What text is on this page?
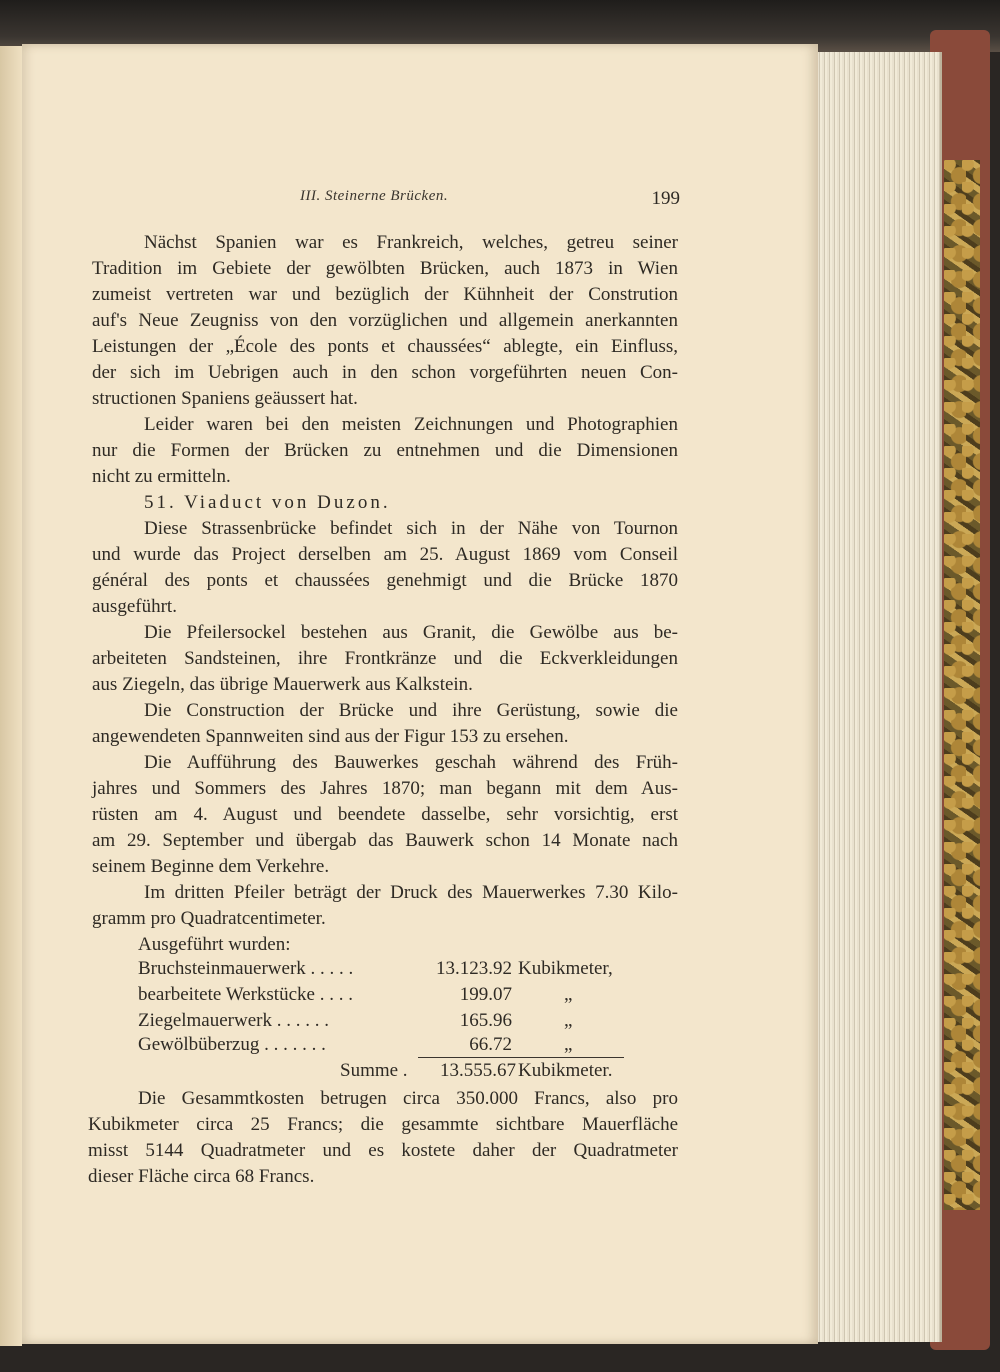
III. Steinerne Brücken.	199
Nächst Spanien war es Frankreich, welches, getreu seiner
Tradition im Gebiete der gewölbten Brücken, auch 1873 in Wien
zumeist vertreten war und bezüglich der Kühnheit der Constrution
auf's Neue Zeugniss von den vorzüglichen und allgemein anerkannten
Leistungen der „École des ponts et chaussées“ ablegte, ein Einfluss,
der sich im Uebrigen auch in den schon vorgeführten neuen Con-
structionen Spaniens geäussert hat.
Leider waren bei den meisten Zeichnungen und Photographien
nur die Formen der Brücken zu entnehmen und die Dimensionen
nicht zu ermitteln.
51. Viaduct von Duzon.
Diese Strassenbrücke befindet sich in der Nähe von Tournon
und wurde das Project derselben am 25. August 1869 vom Conseil
général des ponts et chaussées genehmigt und die Brücke 1870
ausgeführt.
Die Pfeilersockel bestehen aus Granit, die Gewölbe aus be-
arbeiteten Sandsteinen, ihre Frontkränze und die Eckverkleidungen
aus Ziegeln, das übrige Mauerwerk aus Kalkstein.
Die Construction der Brücke und ihre Gerüstung, sowie die
angewendeten Spannweiten sind aus der Figur 153 zu ersehen.
Die Aufführung des Bauwerkes geschah während des Früh-
jahres und Sommers des Jahres 1870; man begann mit dem Aus-
rüsten am 4. August und beendete dasselbe, sehr vorsichtig, erst
am 29. September und übergab das Bauwerk schon 14 Monate nach
seinem Beginne dem Verkehre.
Im dritten Pfeiler beträgt der Druck des Mauerwerkes 7.30 Kilo-
gramm pro Quadratcentimeter.
Ausgeführt wurden:
Bruchsteinmauerwerk . . . . .	13.123.92 Kubikmeter,
bearbeitete Werkstücke . . . .	199.07	„
Ziegelmauerwerk . . . . . .	165.96	„
Gewölbüberzug . . . . . . .	66.72	„
Summe . 13.555.67 Kubikmeter.
Die Gesammtkosten betrugen circa 350.000 Francs, also pro
Kubikmeter circa 25 Francs; die gesammte sichtbare Mauerfläche
misst 5144 Quadratmeter und es kostete daher der Quadratmeter
dieser Fläche circa 68 Francs.
